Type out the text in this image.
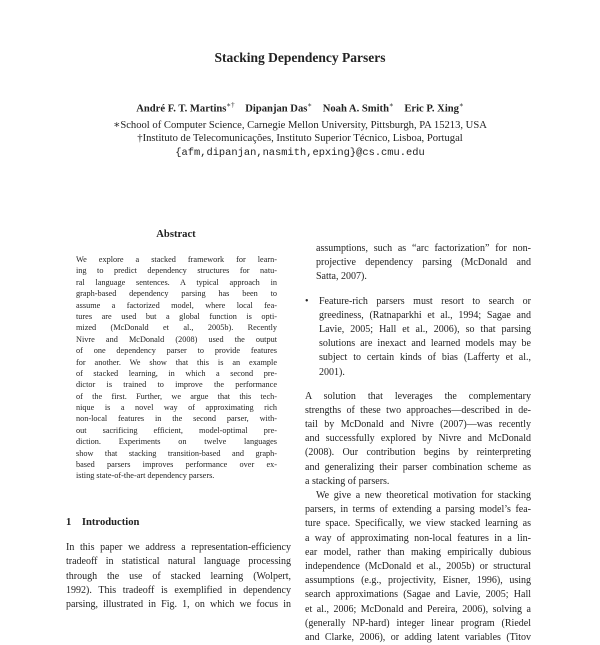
Stacking Dependency Parsers
André F. T. Martins∗† Dipanjan Das∗ Noah A. Smith∗ Eric P. Xing∗
∗School of Computer Science, Carnegie Mellon University, Pittsburgh, PA 15213, USA
†Instituto de Telecomunicações, Instituto Superior Técnico, Lisboa, Portugal
{afm,dipanjan,nasmith,epxing}@cs.cmu.edu
Abstract
We explore a stacked framework for learn-
ing to predict dependency structures for natu-
ral language sentences. A typical approach in
graph-based dependency parsing has been to
assume a factorized model, where local fea-
tures are used but a global function is opti-
mized (McDonald et al., 2005b). Recently
Nivre and McDonald (2008) used the output
of one dependency parser to provide features
for another. We show that this is an example
of stacked learning, in which a second pre-
dictor is trained to improve the performance
of the first. Further, we argue that this tech-
nique is a novel way of approximating rich
non-local features in the second parser, with-
out sacrificing efficient, model-optimal pre-
diction. Experiments on twelve languages
show that stacking transition-based and graph-
based parsers improves performance over ex-
isting state-of-the-art dependency parsers.
1 Introduction
In this paper we address a representation-efficiency
tradeoff in statistical natural language processing
through the use of stacked learning (Wolpert,
1992). This tradeoff is exemplified in dependency
parsing, illustrated in Fig. 1, on which we focus in
assumptions, such as “arc factorization” for non-
projective dependency parsing (McDonald and
Satta, 2007).
• Feature-rich parsers must resort to search or
greediness, (Ratnaparkhi et al., 1994; Sagae and
Lavie, 2005; Hall et al., 2006), so that parsing
solutions are inexact and learned models may be
subject to certain kinds of bias (Lafferty et al.,
2001).
A solution that leverages the complementary
strengths of these two approaches—described in de-
tail by McDonald and Nivre (2007)—was recently
and successfully explored by Nivre and McDonald
(2008). Our contribution begins by reinterpreting
and generalizing their parser combination scheme as
a stacking of parsers.
We give a new theoretical motivation for stacking
parsers, in terms of extending a parsing model’s fea-
ture space. Specifically, we view stacked learning as
a way of approximating non-local features in a lin-
ear model, rather than making empirically dubious
independence (McDonald et al., 2005b) or structural
assumptions (e.g., projectivity, Eisner, 1996), using
search approximations (Sagae and Lavie, 2005; Hall
et al., 2006; McDonald and Pereira, 2006), solving a
(generally NP-hard) integer linear program (Riedel
and Clarke, 2006), or adding latent variables (Titov
